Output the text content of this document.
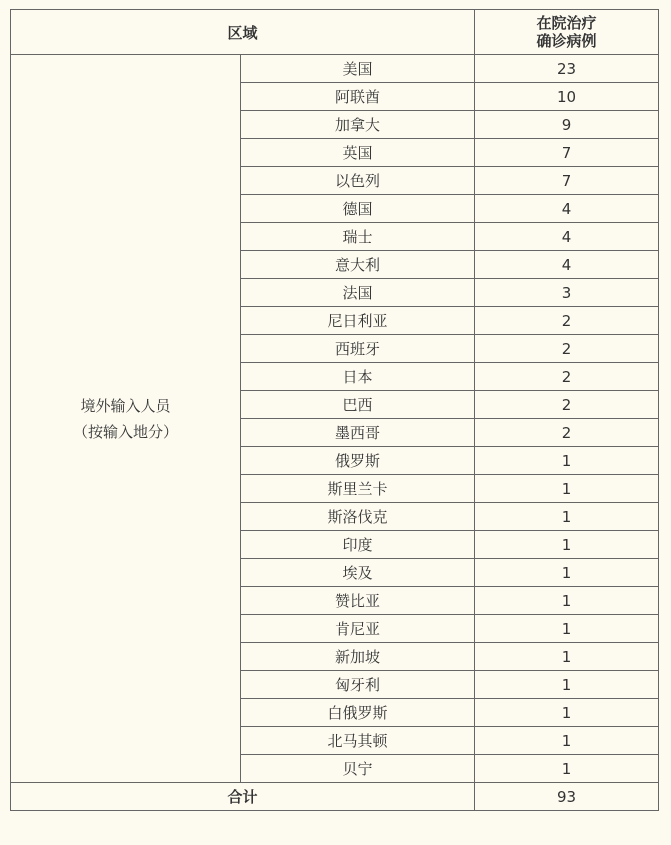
区域		在院治疗
确诊病例

境外输入人员
（按输入地分）	美国	23
	阿联酋	10
	加拿大	9
	英国	7
	以色列	7
	德国	4
	瑞士	4
	意大利	4
	法国	3
	尼日利亚	2
	西班牙	2
	日本	2
	巴西	2
	墨西哥	2
	俄罗斯	1
	斯里兰卡	1
	斯洛伐克	1
	印度	1
	埃及	1
	赞比亚	1
	肯尼亚	1
	新加坡	1
	匈牙利	1
	白俄罗斯	1
	北马其顿	1
	贝宁	1
合计		93
